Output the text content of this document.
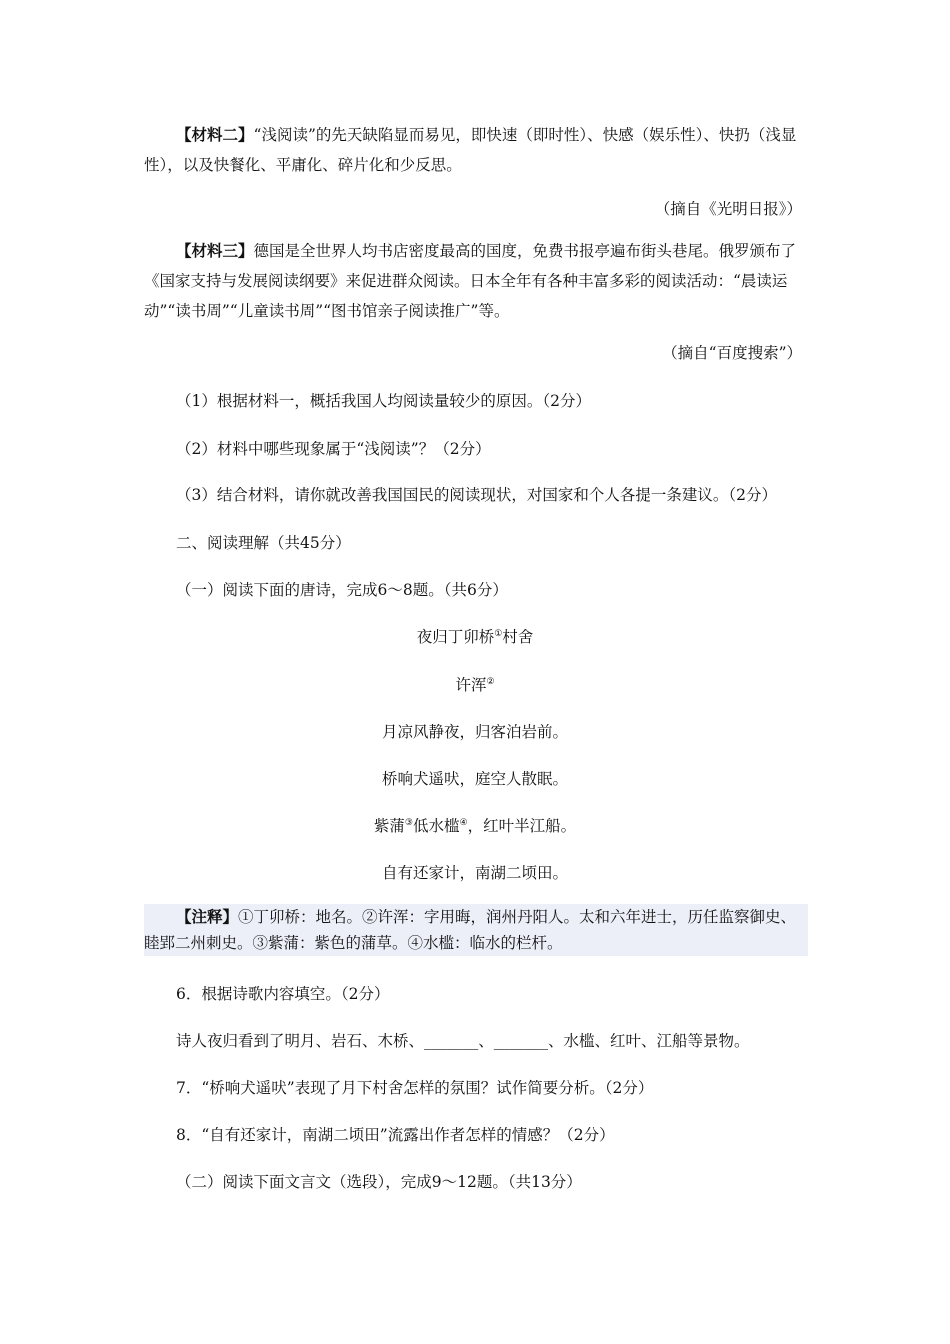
【材料二】“浅阅读”的先天缺陷显而易见，即快速（即时性）、快感（娱乐性）、快扔（浅显性），以及快餐化、平庸化、碎片化和少反思。
（摘自《光明日报》）
【材料三】德国是全世界人均书店密度最高的国度，免费书报亭遍布街头巷尾。俄罗颁布了《国家支持与发展阅读纲要》来促进群众阅读。日本全年有各种丰富多彩的阅读活动：“晨读运动”“读书周”“儿童读书周”“图书馆亲子阅读推广”等。
（摘自“百度搜索”）
（1）根据材料一，概括我国人均阅读量较少的原因。（2分）
（2）材料中哪些现象属于“浅阅读”？（2分）
（3）结合材料，请你就改善我国国民的阅读现状，对国家和个人各提一条建议。（2分）
二、阅读理解（共45分）
（一）阅读下面的唐诗，完成6～8题。（共6分）
夜归丁卯桥①村舍
许浑②
月凉风静夜，归客泊岩前。
桥响犬遥吠，庭空人散眠。
紫蒲③低水槛④，红叶半江船。
自有还家计，南湖二顷田。
【注释】①丁卯桥：地名。②许浑：字用晦，润州丹阳人。太和六年进士，历任监察御史、睦郢二州刺史。③紫蒲：紫色的蒲草。④水槛：临水的栏杆。
6．根据诗歌内容填空。（2分）
诗人夜归看到了明月、岩石、木桥、_______、_______、水槛、红叶、江船等景物。
7．“桥响犬遥吠”表现了月下村舍怎样的氛围？试作简要分析。（2分）
8．“自有还家计，南湖二顷田”流露出作者怎样的情感？（2分）
（二）阅读下面文言文（选段），完成9～12题。（共13分）
